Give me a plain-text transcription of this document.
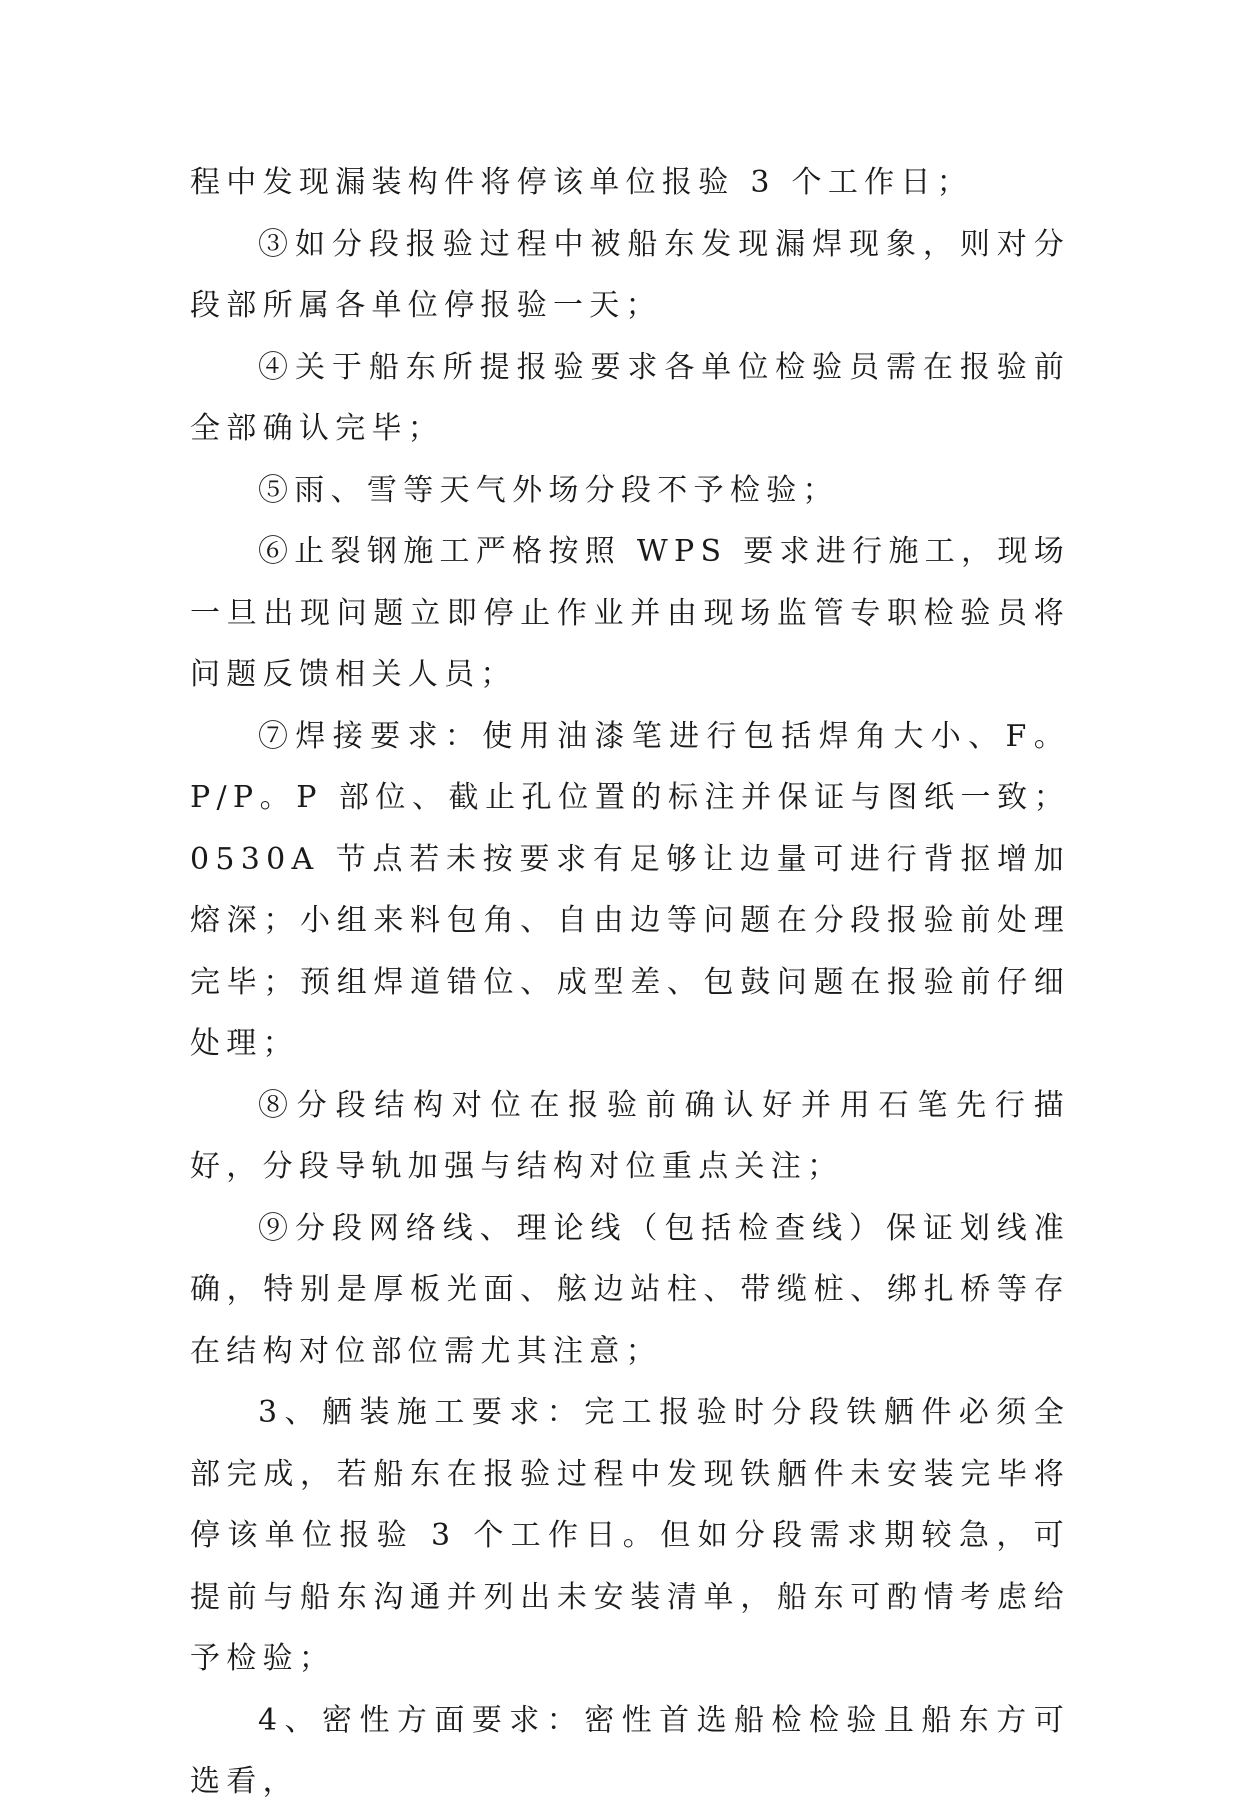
程中发现漏装构件将停该单位报验 3 个工作日；

③如分段报验过程中被船东发现漏焊现象，则对分段部所属各单位停报验一天；

④关于船东所提报验要求各单位检验员需在报验前全部确认完毕；

⑤雨、雪等天气外场分段不予检验；

⑥止裂钢施工严格按照 WPS 要求进行施工，现场一旦出现问题立即停止作业并由现场监管专职检验员将问题反馈相关人员；

⑦焊接要求：使用油漆笔进行包括焊角大小、F。P/P。P 部位、截止孔位置的标注并保证与图纸一致；0530A 节点若未按要求有足够让边量可进行背抠增加熔深；小组来料包角、自由边等问题在分段报验前处理完毕；预组焊道错位、成型差、包鼓问题在报验前仔细处理；

⑧分段结构对位在报验前确认好并用石笔先行描好，分段导轨加强与结构对位重点关注；

⑨分段网络线、理论线（包括检查线）保证划线准确，特别是厚板光面、舷边站柱、带缆桩、绑扎桥等存在结构对位部位需尤其注意；

3、舾装施工要求：完工报验时分段铁舾件必须全部完成，若船东在报验过程中发现铁舾件未安装完毕将停该单位报验 3 个工作日。但如分段需求期较急，可提前与船东沟通并列出未安装清单，船东可酌情考虑给予检验；

4、密性方面要求：密性首选船检检验且船东方可选看，
